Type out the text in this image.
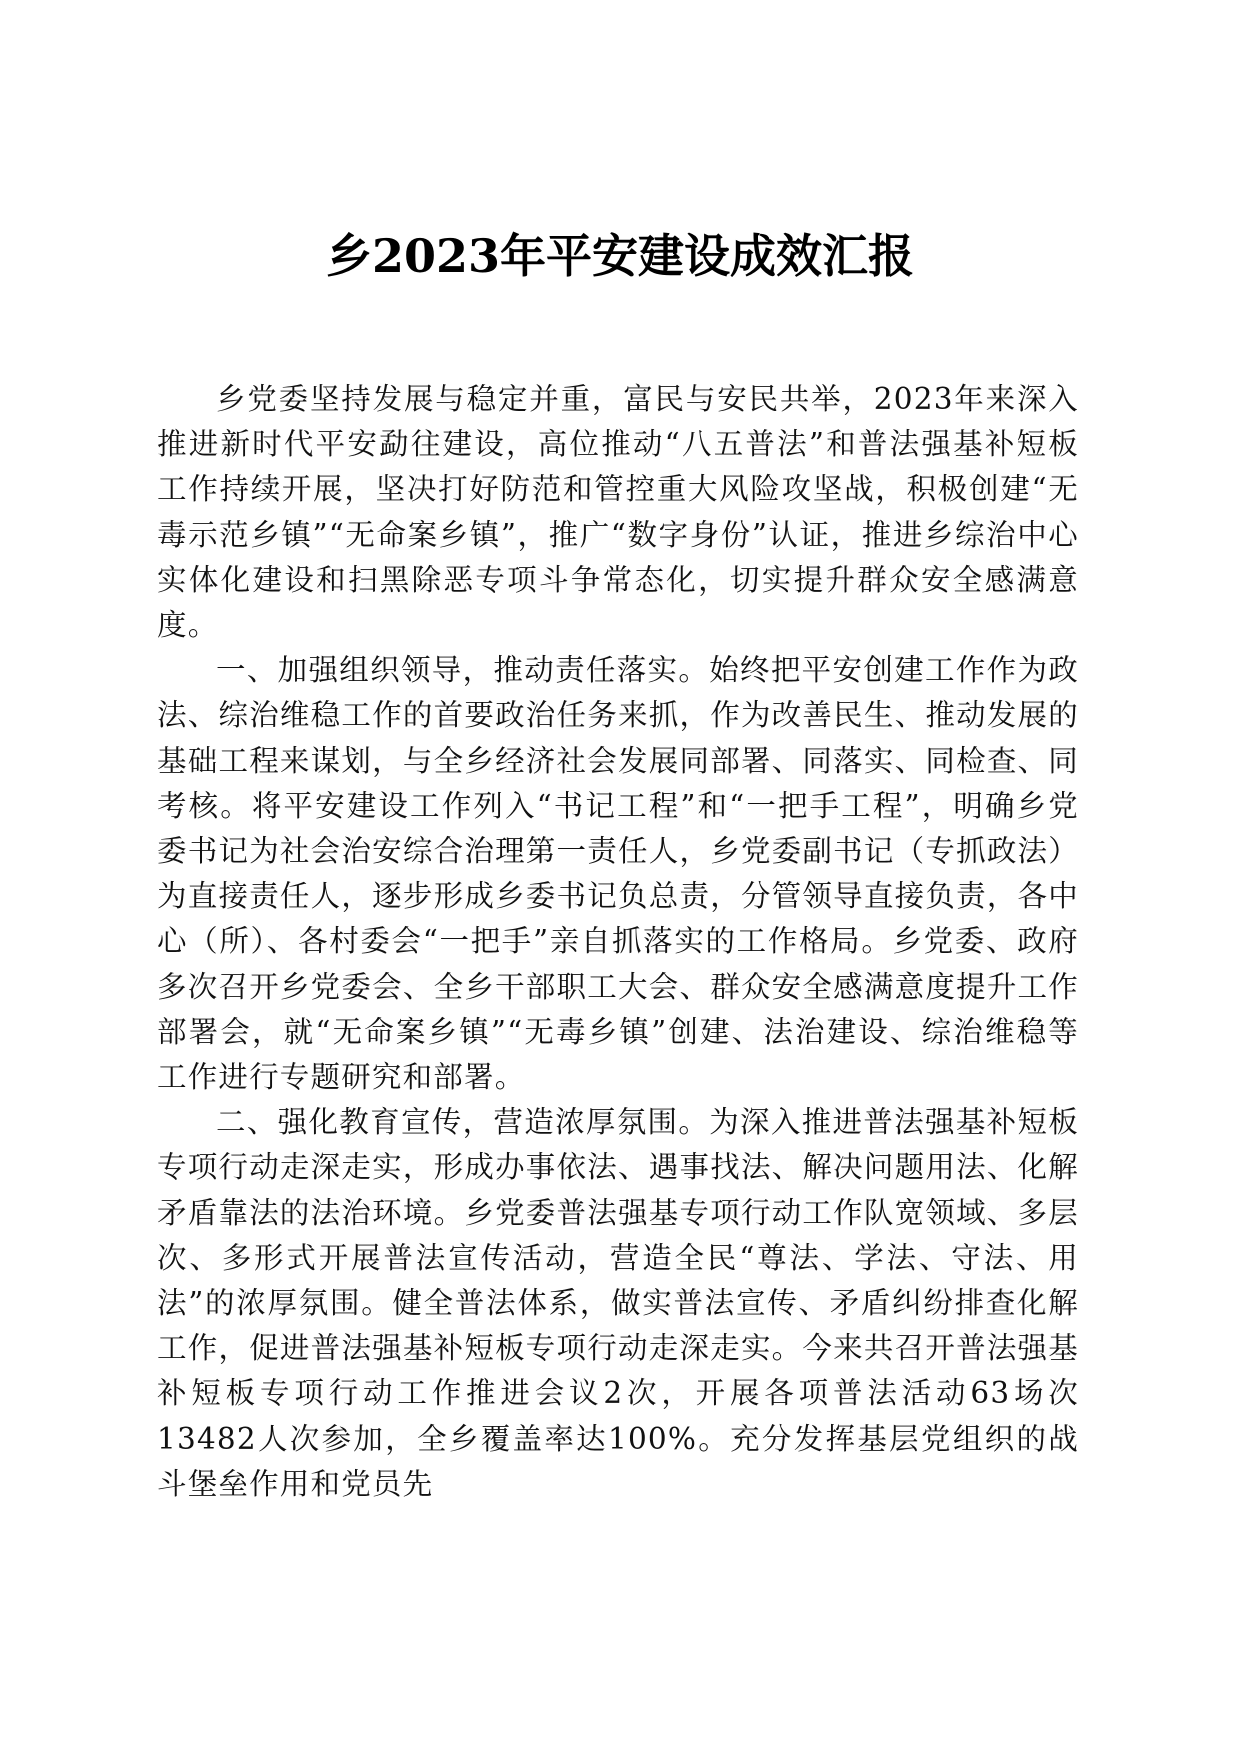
乡2023年平安建设成效汇报

乡党委坚持发展与稳定并重，富民与安民共举，2023年来深入推进新时代平安勐往建设，高位推动“八五普法”和普法强基补短板工作持续开展，坚决打好防范和管控重大风险攻坚战，积极创建“无毒示范乡镇”“无命案乡镇”，推广“数字身份”认证，推进乡综治中心实体化建设和扫黑除恶专项斗争常态化，切实提升群众安全感满意度。

一、加强组织领导，推动责任落实。始终把平安创建工作作为政法、综治维稳工作的首要政治任务来抓，作为改善民生、推动发展的基础工程来谋划，与全乡经济社会发展同部署、同落实、同检查、同考核。将平安建设工作列入“书记工程”和“一把手工程”，明确乡党委书记为社会治安综合治理第一责任人，乡党委副书记（专抓政法）为直接责任人，逐步形成乡委书记负总责，分管领导直接负责，各中心（所）、各村委会“一把手”亲自抓落实的工作格局。乡党委、政府多次召开乡党委会、全乡干部职工大会、群众安全感满意度提升工作部署会，就“无命案乡镇”“无毒乡镇”创建、法治建设、综治维稳等工作进行专题研究和部署。

二、强化教育宣传，营造浓厚氛围。为深入推进普法强基补短板专项行动走深走实，形成办事依法、遇事找法、解决问题用法、化解矛盾靠法的法治环境。乡党委普法强基专项行动工作队宽领域、多层次、多形式开展普法宣传活动，营造全民“尊法、学法、守法、用法”的浓厚氛围。健全普法体系，做实普法宣传、矛盾纠纷排查化解工作，促进普法强基补短板专项行动走深走实。今来共召开普法强基补短板专项行动工作推进会议2次，开展各项普法活动63场次13482人次参加，全乡覆盖率达100%。充分发挥基层党组织的战斗堡垒作用和党员先
